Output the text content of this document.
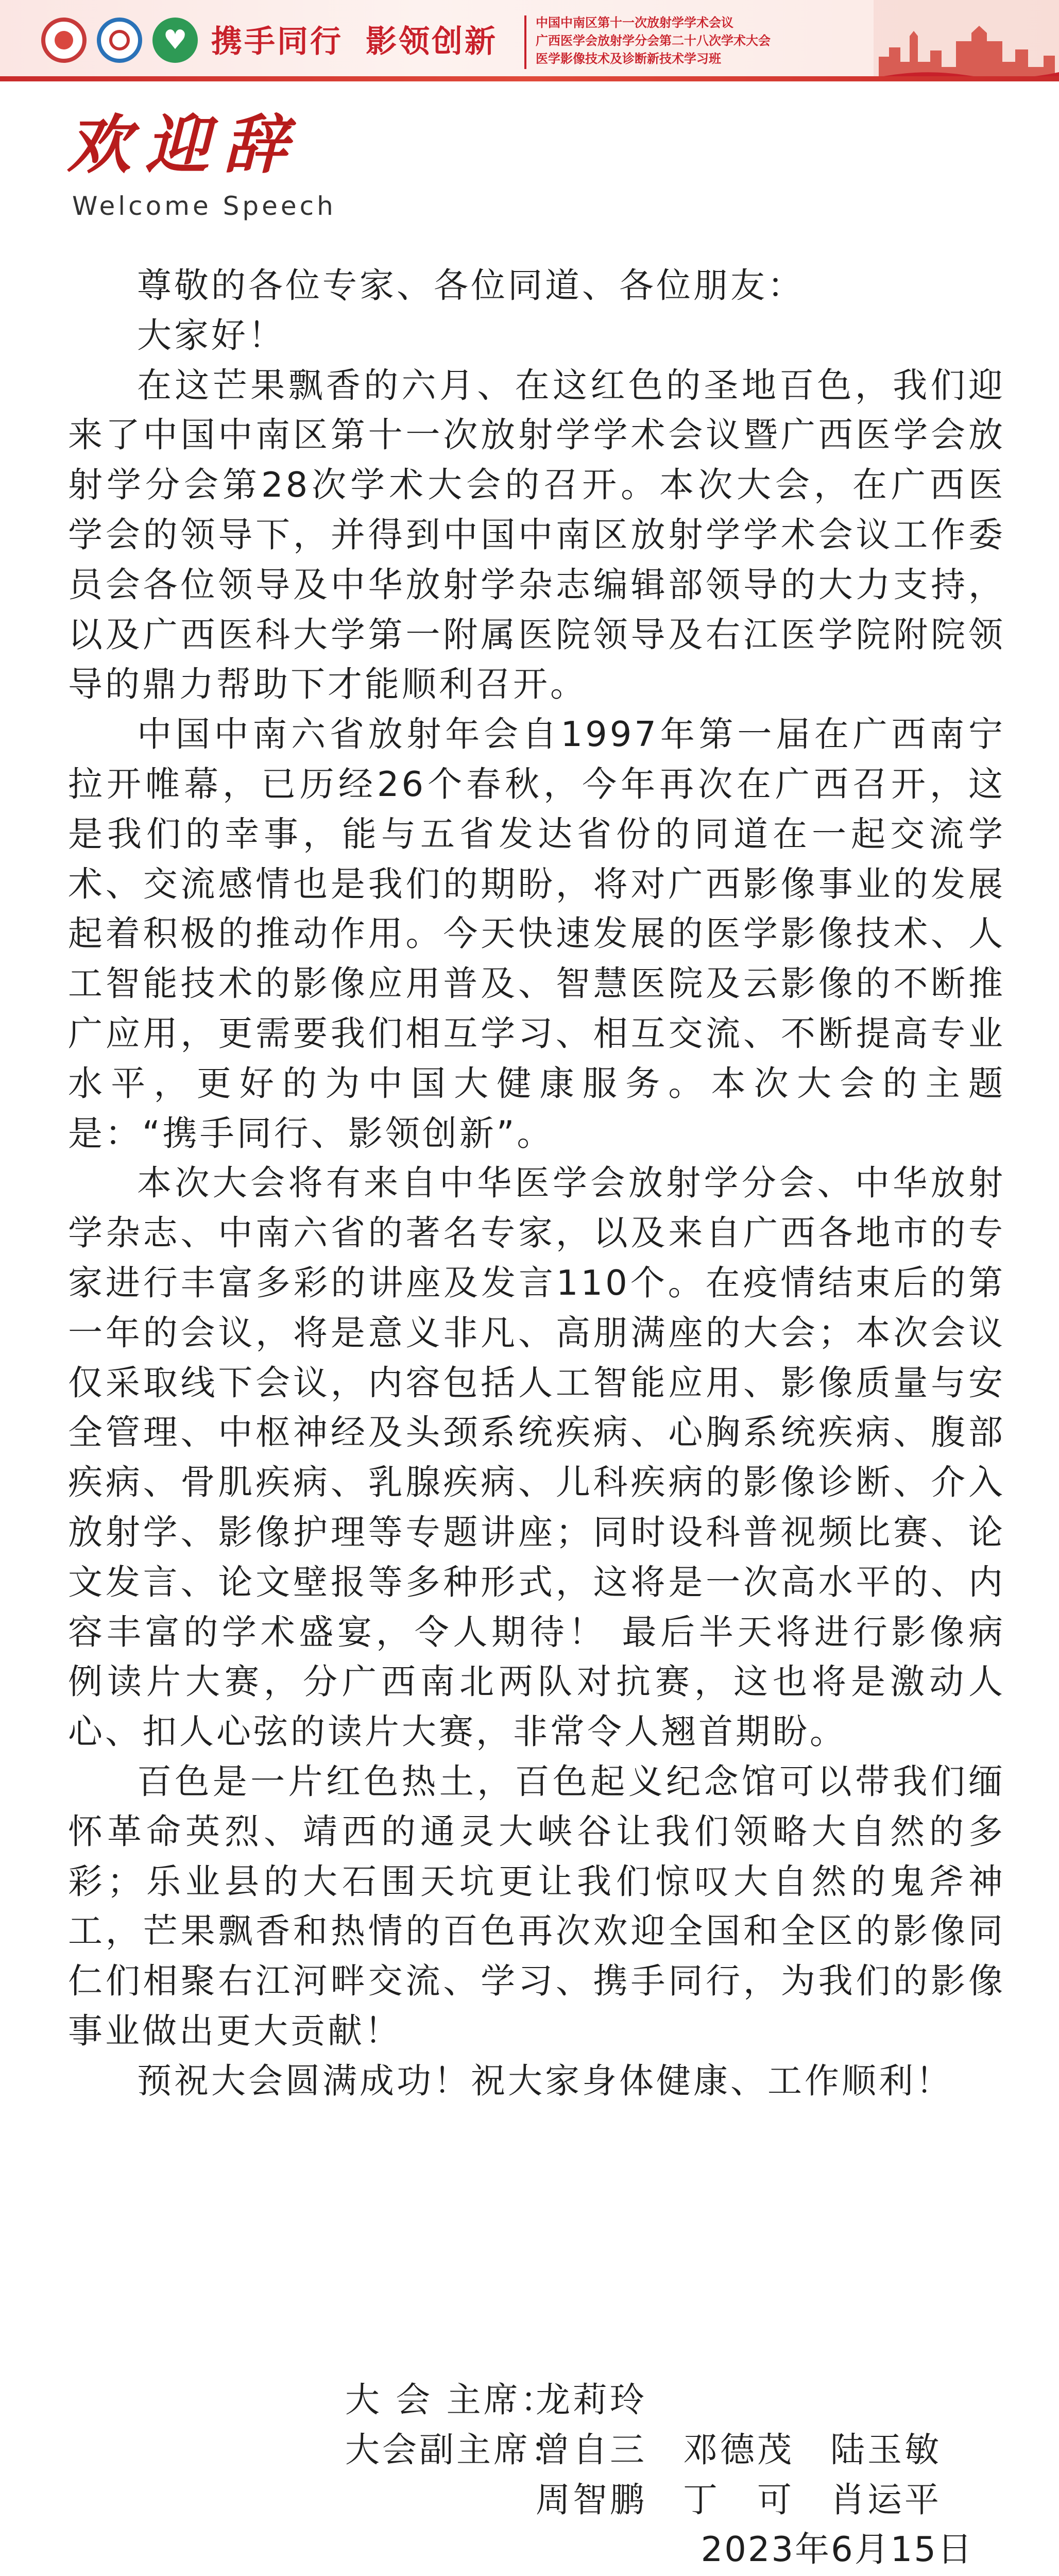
♥
携手同行 影领创新
中国中南区第十一次放射学学术会议
广西医学会放射学分会第二十八次学术大会
医学影像技术及诊断新技术学习班
欢迎辞
Welcome Speech

尊敬的各位专家、各位同道、各位朋友：

大家好！

在这芒果飘香的六月、在这红色的圣地百色，我们迎来了中国中南区第十一次放射学学术会议暨广西医学会放射学分会第28次学术大会的召开。本次大会，在广西医学会的领导下，并得到中国中南区放射学学术会议工作委员会各位领导及中华放射学杂志编辑部领导的大力支持，以及广西医科大学第一附属医院领导及右江医学院附院领导的鼎力帮助下才能顺利召开。

中国中南六省放射年会自1997年第一届在广西南宁拉开帷幕，已历经26个春秋，今年再次在广西召开，这是我们的幸事，能与五省发达省份的同道在一起交流学术、交流感情也是我们的期盼，将对广西影像事业的发展起着积极的推动作用。今天快速发展的医学影像技术、人工智能技术的影像应用普及、智慧医院及云影像的不断推广应用，更需要我们相互学习、相互交流、不断提高专业水平，更好的为中国大健康服务。本次大会的主题是：“携手同行、影领创新”。

本次大会将有来自中华医学会放射学分会、中华放射学杂志、中南六省的著名专家，以及来自广西各地市的专家进行丰富多彩的讲座及发言110个。在疫情结束后的第一年的会议，将是意义非凡、高朋满座的大会；本次会议仅采取线下会议，内容包括人工智能应用、影像质量与安全管理、中枢神经及头颈系统疾病、心胸系统疾病、腹部疾病、骨肌疾病、乳腺疾病、儿科疾病的影像诊断、介入放射学、影像护理等专题讲座；同时设科普视频比赛、论文发言、论文壁报等多种形式，这将是一次高水平的、内容丰富的学术盛宴，令人期待！ 最后半天将进行影像病例读片大赛，分广西南北两队对抗赛，这也将是激动人心、扣人心弦的读片大赛，非常令人翘首期盼。

百色是一片红色热土，百色起义纪念馆可以带我们缅怀革命英烈、靖西的通灵大峡谷让我们领略大自然的多彩；乐业县的大石围天坑更让我们惊叹大自然的鬼斧神工，芒果飘香和热情的百色再次欢迎全国和全区的影像同仁们相聚右江河畔交流、学习、携手同行，为我们的影像事业做出更大贡献！

预祝大会圆满成功！祝大家身体健康、工作顺利！

大 会 主席：
龙莉玲
大会副主席：
曾自三 邓德茂 陆玉敏
周智鹏 丁　可 肖运平
2023年6月15日
